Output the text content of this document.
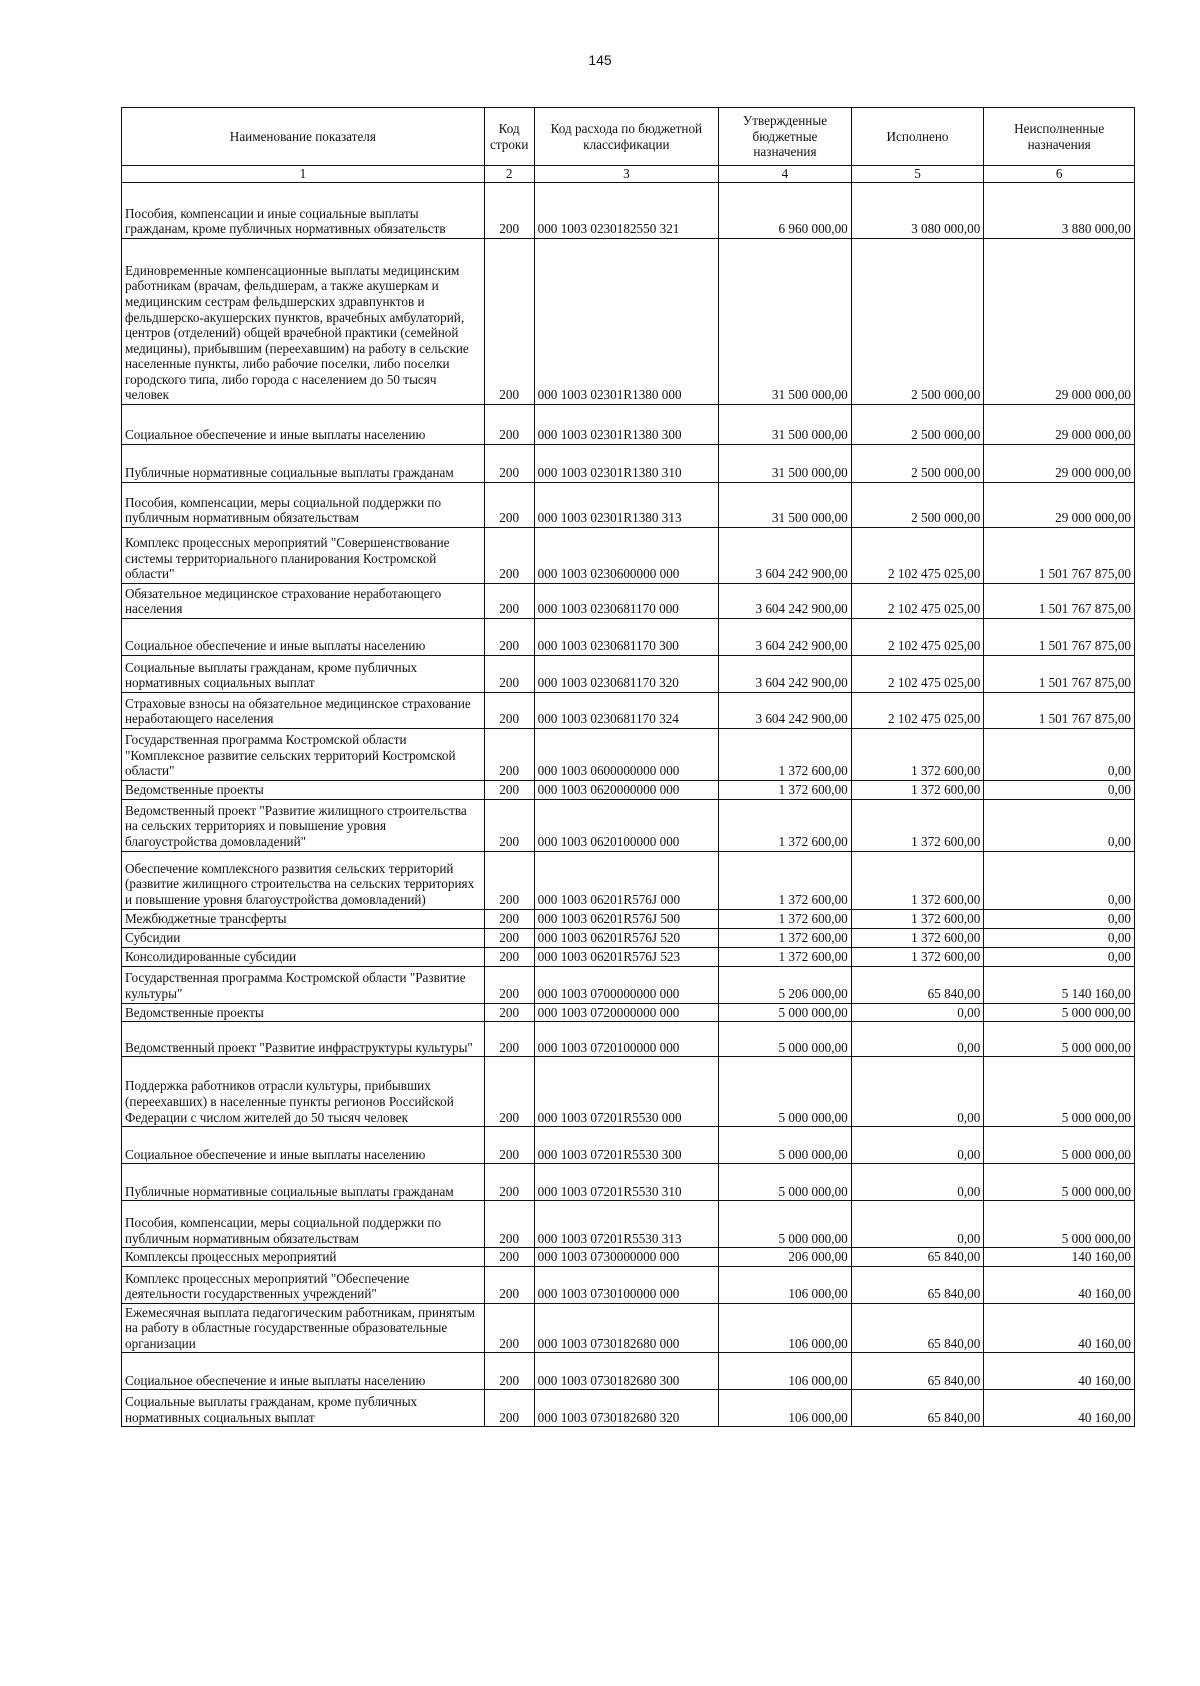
145
Наименование показателя	Код строки	Код расхода по бюджетной классификации	Утвержденные бюджетные назначения	Исполнено	Неисполненные назначения
1	2	3	4	5	6
Пособия, компенсации и иные социальные выплаты гражданам, кроме публичных нормативных обязательств	200	000 1003 0230182550 321	6 960 000,00	3 080 000,00	3 880 000,00
Единовременные компенсационные выплаты медицинским работникам (врачам, фельдшерам, а также акушеркам и медицинским сестрам фельдшерских здравпунктов и фельдшерско-акушерских пунктов, врачебных амбулаторий, центров (отделений) общей врачебной практики (семейной медицины), прибывшим (переехавшим) на работу в сельские населенные пункты, либо рабочие поселки, либо поселки городского типа, либо города с населением до 50 тысяч человек	200	000 1003 02301R1380 000	31 500 000,00	2 500 000,00	29 000 000,00
Социальное обеспечение и иные выплаты населению	200	000 1003 02301R1380 300	31 500 000,00	2 500 000,00	29 000 000,00
Публичные нормативные социальные выплаты гражданам	200	000 1003 02301R1380 310	31 500 000,00	2 500 000,00	29 000 000,00
Пособия, компенсации, меры социальной поддержки по публичным нормативным обязательствам	200	000 1003 02301R1380 313	31 500 000,00	2 500 000,00	29 000 000,00
Комплекс процессных мероприятий "Совершенствование системы территориального планирования Костромской области"	200	000 1003 0230600000 000	3 604 242 900,00	2 102 475 025,00	1 501 767 875,00
Обязательное медицинское страхование неработающего населения	200	000 1003 0230681170 000	3 604 242 900,00	2 102 475 025,00	1 501 767 875,00
Социальное обеспечение и иные выплаты населению	200	000 1003 0230681170 300	3 604 242 900,00	2 102 475 025,00	1 501 767 875,00
Социальные выплаты гражданам, кроме публичных нормативных социальных выплат	200	000 1003 0230681170 320	3 604 242 900,00	2 102 475 025,00	1 501 767 875,00
Страховые взносы на обязательное медицинское страхование неработающего населения	200	000 1003 0230681170 324	3 604 242 900,00	2 102 475 025,00	1 501 767 875,00
Государственная программа Костромской области "Комплексное развитие сельских территорий Костромской области"	200	000 1003 0600000000 000	1 372 600,00	1 372 600,00	0,00
Ведомственные проекты	200	000 1003 0620000000 000	1 372 600,00	1 372 600,00	0,00
Ведомственный проект "Развитие жилищного строительства на сельских территориях и повышение уровня благоустройства домовладений"	200	000 1003 0620100000 000	1 372 600,00	1 372 600,00	0,00
Обеспечение комплексного развития сельских территорий (развитие жилищного строительства на сельских территориях и повышение уровня благоустройства домовладений)	200	000 1003 06201R576J 000	1 372 600,00	1 372 600,00	0,00
Межбюджетные трансферты	200	000 1003 06201R576J 500	1 372 600,00	1 372 600,00	0,00
Субсидии	200	000 1003 06201R576J 520	1 372 600,00	1 372 600,00	0,00
Консолидированные субсидии	200	000 1003 06201R576J 523	1 372 600,00	1 372 600,00	0,00
Государственная программа Костромской области "Развитие культуры"	200	000 1003 0700000000 000	5 206 000,00	65 840,00	5 140 160,00
Ведомственные проекты	200	000 1003 0720000000 000	5 000 000,00	0,00	5 000 000,00
Ведомственный проект "Развитие инфраструктуры культуры"	200	000 1003 0720100000 000	5 000 000,00	0,00	5 000 000,00
Поддержка работников отрасли культуры, прибывших (переехавших) в населенные пункты регионов Российской Федерации с числом жителей до 50 тысяч человек	200	000 1003 07201R5530 000	5 000 000,00	0,00	5 000 000,00
Социальное обеспечение и иные выплаты населению	200	000 1003 07201R5530 300	5 000 000,00	0,00	5 000 000,00
Публичные нормативные социальные выплаты гражданам	200	000 1003 07201R5530 310	5 000 000,00	0,00	5 000 000,00
Пособия, компенсации, меры социальной поддержки по публичным нормативным обязательствам	200	000 1003 07201R5530 313	5 000 000,00	0,00	5 000 000,00
Комплексы процессных мероприятий	200	000 1003 0730000000 000	206 000,00	65 840,00	140 160,00
Комплекс процессных мероприятий "Обеспечение деятельности государственных учреждений"	200	000 1003 0730100000 000	106 000,00	65 840,00	40 160,00
Ежемесячная выплата педагогическим работникам, принятым на работу в областные государственные образовательные организации	200	000 1003 0730182680 000	106 000,00	65 840,00	40 160,00
Социальное обеспечение и иные выплаты населению	200	000 1003 0730182680 300	106 000,00	65 840,00	40 160,00
Социальные выплаты гражданам, кроме публичных нормативных социальных выплат	200	000 1003 0730182680 320	106 000,00	65 840,00	40 160,00
